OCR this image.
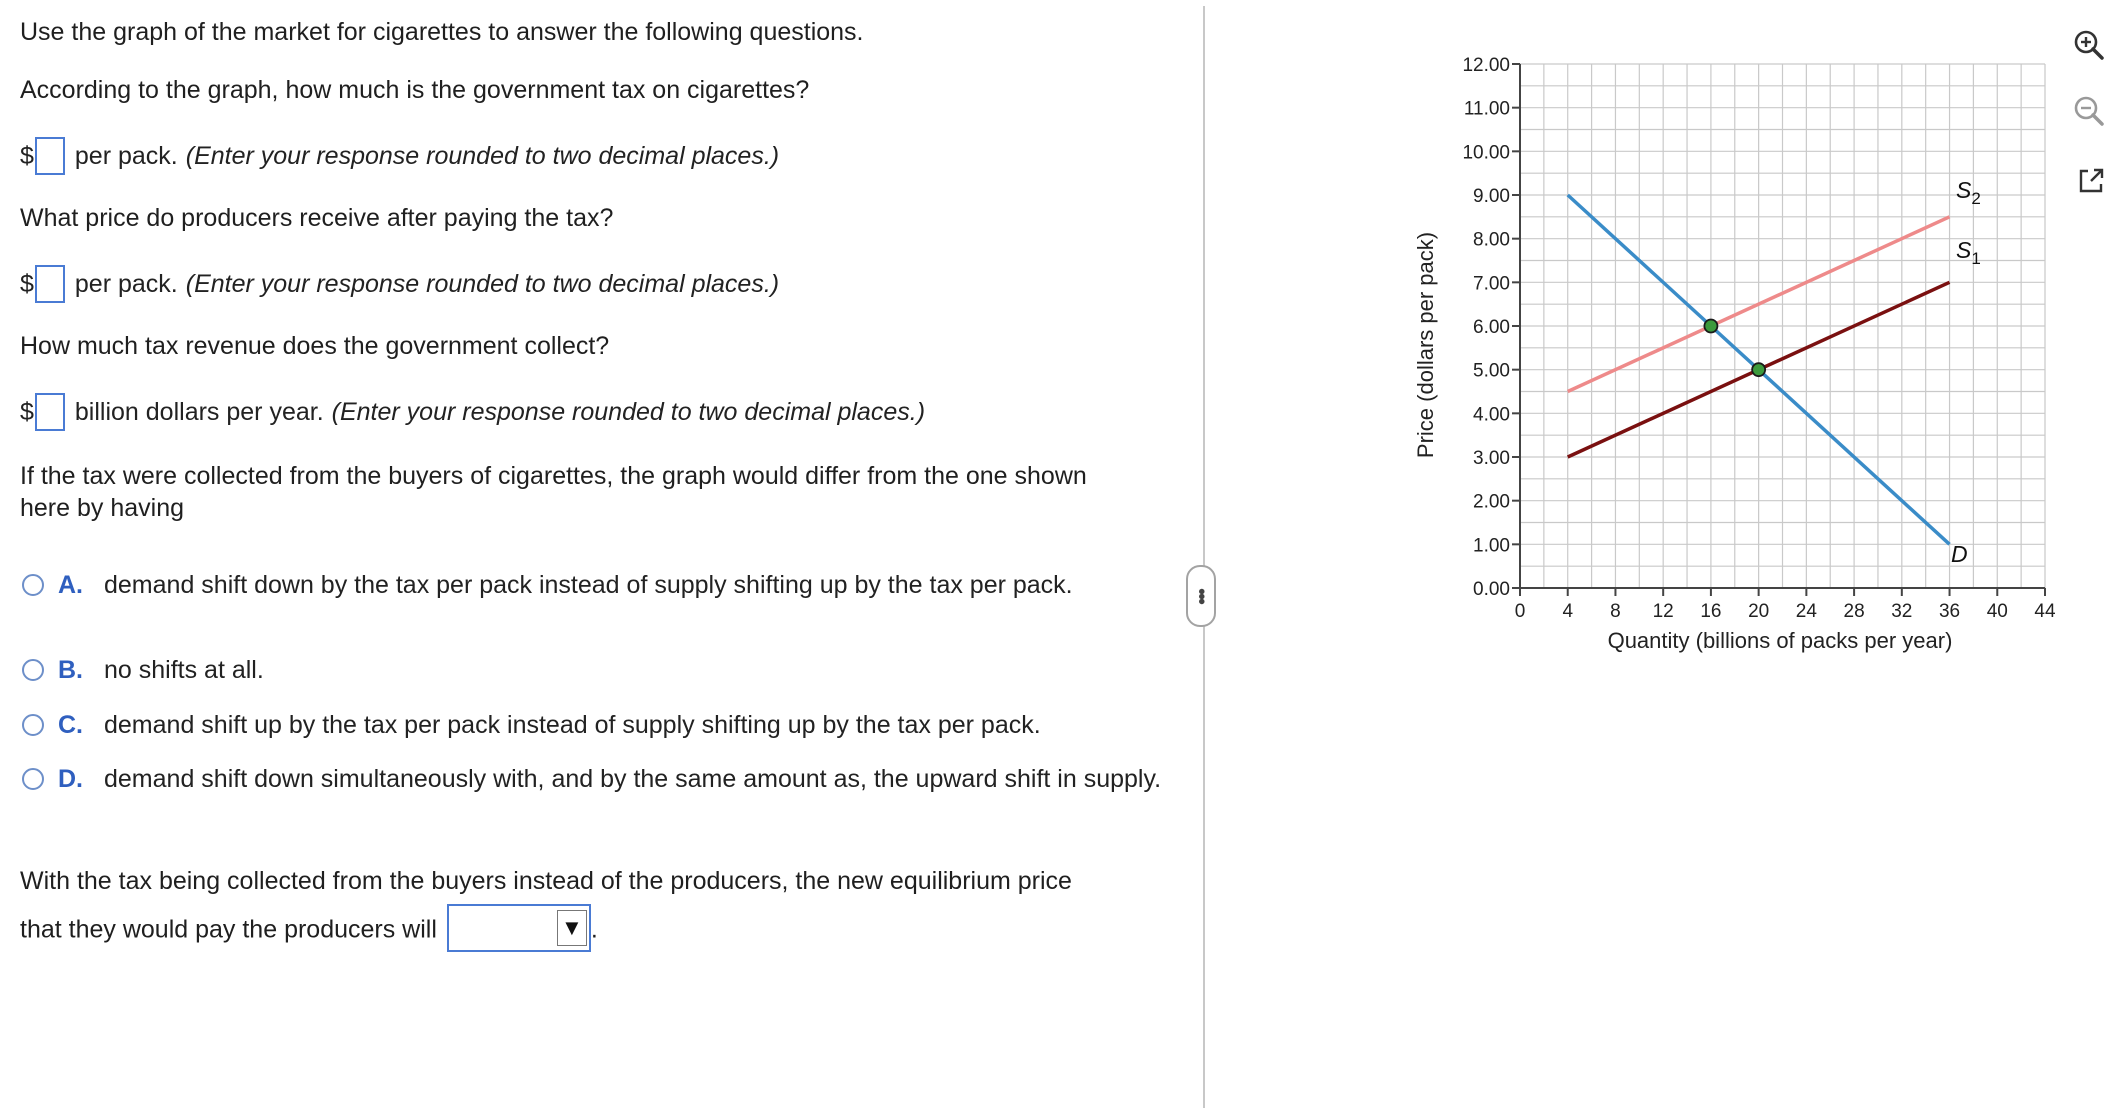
Use the graph of the market for cigarettes to answer the following questions.
According to the graph, how much is the government tax on cigarettes?
$ per pack. (Enter your response rounded to two decimal places.)
What price do producers receive after paying the tax?
$ per pack. (Enter your response rounded to two decimal places.)
How much tax revenue does the government collect?
$ billion dollars per year. (Enter your response rounded to two decimal places.)
If the tax were collected from the buyers of cigarettes, the graph would differ from the one shown here by having
A. demand shift down by the tax per pack instead of supply shifting up by the tax per pack.
B. no shifts at all.
C. demand shift up by the tax per pack instead of supply shifting up by the tax per pack.
D. demand shift down simultaneously with, and by the same amount as, the upward shift in supply.
With the tax being collected from the buyers instead of the producers, the new equilibrium price
that they would pay the producers will	▼ .
•••	0.00
1.00
2.00
3.00
4.00
5.00
6.00
7.00
8.00
9.00
10.00
11.00
12.00
0 4 8 12 16 20 24 28 32 36 40 44
Quantity (billions of packs per year)
Price (dollars per pack)
$S_2$
$S_1$
D
